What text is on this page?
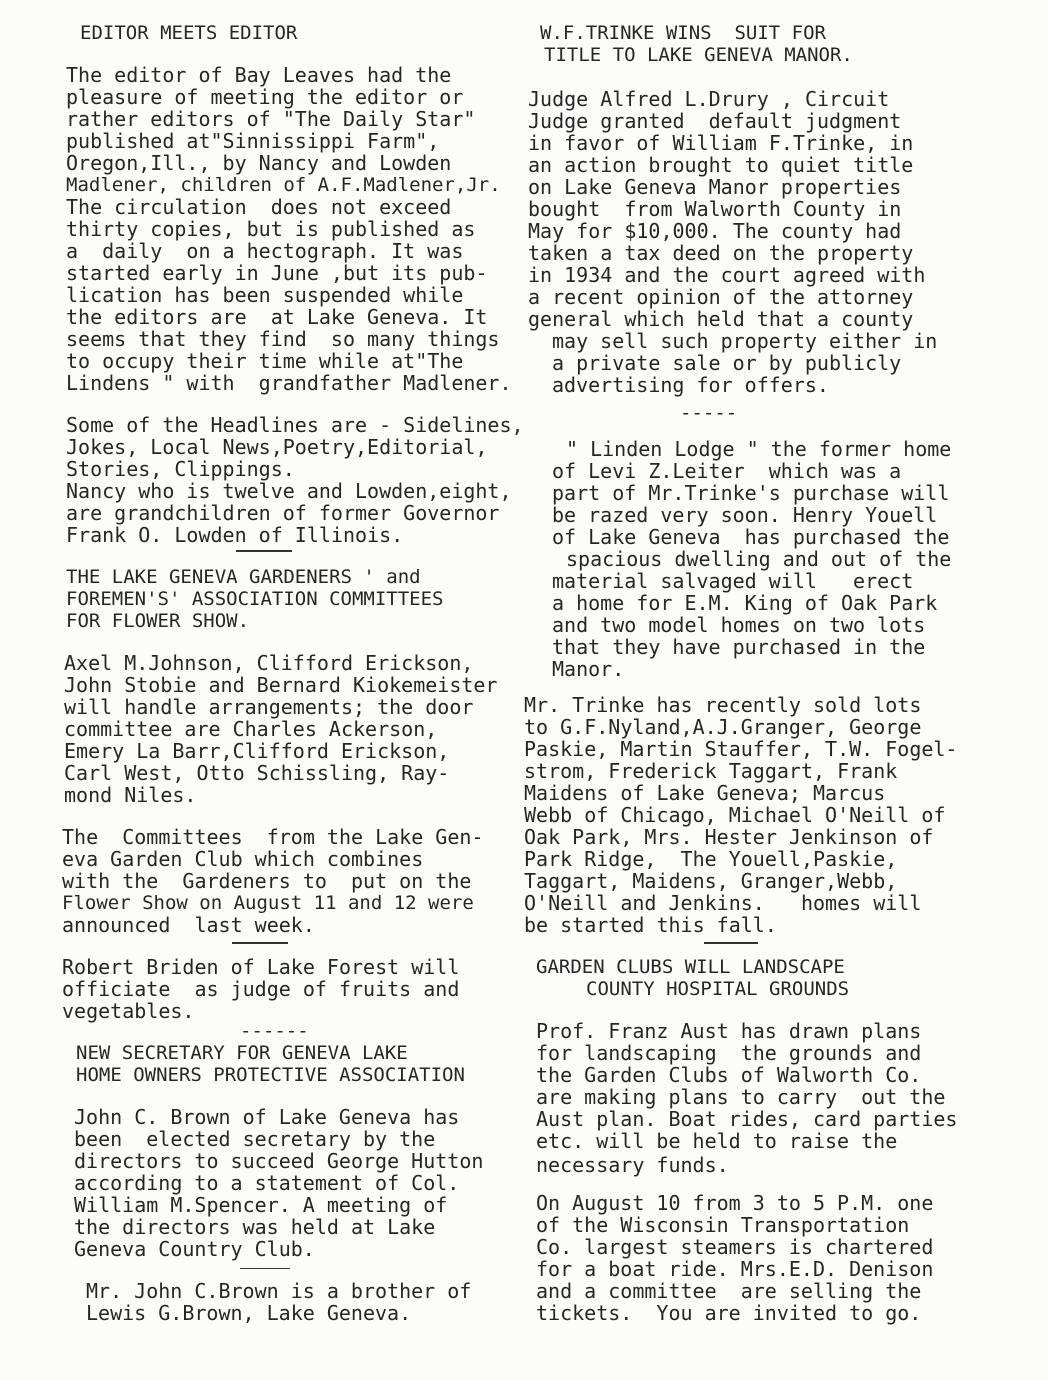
EDITOR MEETS EDITOR
The editor of Bay Leaves had the
pleasure of meeting the editor or
rather editors of "The Daily Star"
published at"Sinnissippi Farm",
Oregon,Ill., by Nancy and Lowden
Madlener, children of A.F.Madlener,Jr.
The circulation  does not exceed
thirty copies, but is published as
a  daily  on a hectograph. It was
started early in June ,but its pub-
lication has been suspended while
the editors are  at Lake Geneva. It
seems that they find  so many things
to occupy their time while at"The
Lindens " with  grandfather Madlener.
Some of the Headlines are - Sidelines,
Jokes, Local News,Poetry,Editorial,
Stories, Clippings.
Nancy who is twelve and Lowden,eight,
are grandchildren of former Governor
Frank O. Lowden of Illinois.
THE LAKE GENEVA GARDENERS ' and
FOREMEN'S' ASSOCIATION COMMITTEES
FOR FLOWER SHOW.
Axel M.Johnson, Clifford Erickson,
John Stobie and Bernard Kiokemeister
will handle arrangements; the door
committee are Charles Ackerson,
Emery La Barr,Clifford Erickson,
Carl West, Otto Schissling, Ray-
mond Niles.
The  Committees  from the Lake Gen-
eva Garden Club which combines
with the  Gardeners to  put on the
Flower Show on August 11 and 12 were
announced  last week.
Robert Briden of Lake Forest will
officiate  as judge of fruits and
vegetables.
------
NEW SECRETARY FOR GENEVA LAKE
HOME OWNERS PROTECTIVE ASSOCIATION
John C. Brown of Lake Geneva has
been  elected secretary by the
directors to succeed George Hutton
according to a statement of Col.
William M.Spencer. A meeting of
the directors was held at Lake
Geneva Country Club.
Mr. John C.Brown is a brother of
Lewis G.Brown, Lake Geneva.
W.F.TRINKE WINS  SUIT FOR
TITLE TO LAKE GENEVA MANOR.
Judge Alfred L.Drury , Circuit
Judge granted  default judgment
in favor of William F.Trinke, in
an action brought to quiet title
on Lake Geneva Manor properties
bought  from Walworth County in
May for $10,000. The county had
taken a tax deed on the property
in 1934 and the court agreed with
a recent opinion of the attorney
general which held that a county
may sell such property either in
a private sale or by publicly
advertising for offers.
-----
" Linden Lodge " the former home
of Levi Z.Leiter  which was a
part of Mr.Trinke's purchase will
be razed very soon. Henry Youell
of Lake Geneva  has purchased the
spacious dwelling and out of the
material salvaged will   erect
a home for E.M. King of Oak Park
and two model homes on two lots
that they have purchased in the
Manor.
Mr. Trinke has recently sold lots
to G.F.Nyland,A.J.Granger, George
Paskie, Martin Stauffer, T.W. Fogel-
strom, Frederick Taggart, Frank
Maidens of Lake Geneva; Marcus
Webb of Chicago, Michael O'Neill of
Oak Park, Mrs. Hester Jenkinson of
Park Ridge,  The Youell,Paskie,
Taggart, Maidens, Granger,Webb,
O'Neill and Jenkins.   homes will
be started this fall.
GARDEN CLUBS WILL LANDSCAPE
COUNTY HOSPITAL GROUNDS
Prof. Franz Aust has drawn plans
for landscaping  the grounds and
the Garden Clubs of Walworth Co.
are making plans to carry  out the
Aust plan. Boat rides, card parties
etc. will be held to raise the
necessary funds.
On August 10 from 3 to 5 P.M. one
of the Wisconsin Transportation
Co. largest steamers is chartered
for a boat ride. Mrs.E.D. Denison
and a committee  are selling the
tickets.  You are invited to go.
